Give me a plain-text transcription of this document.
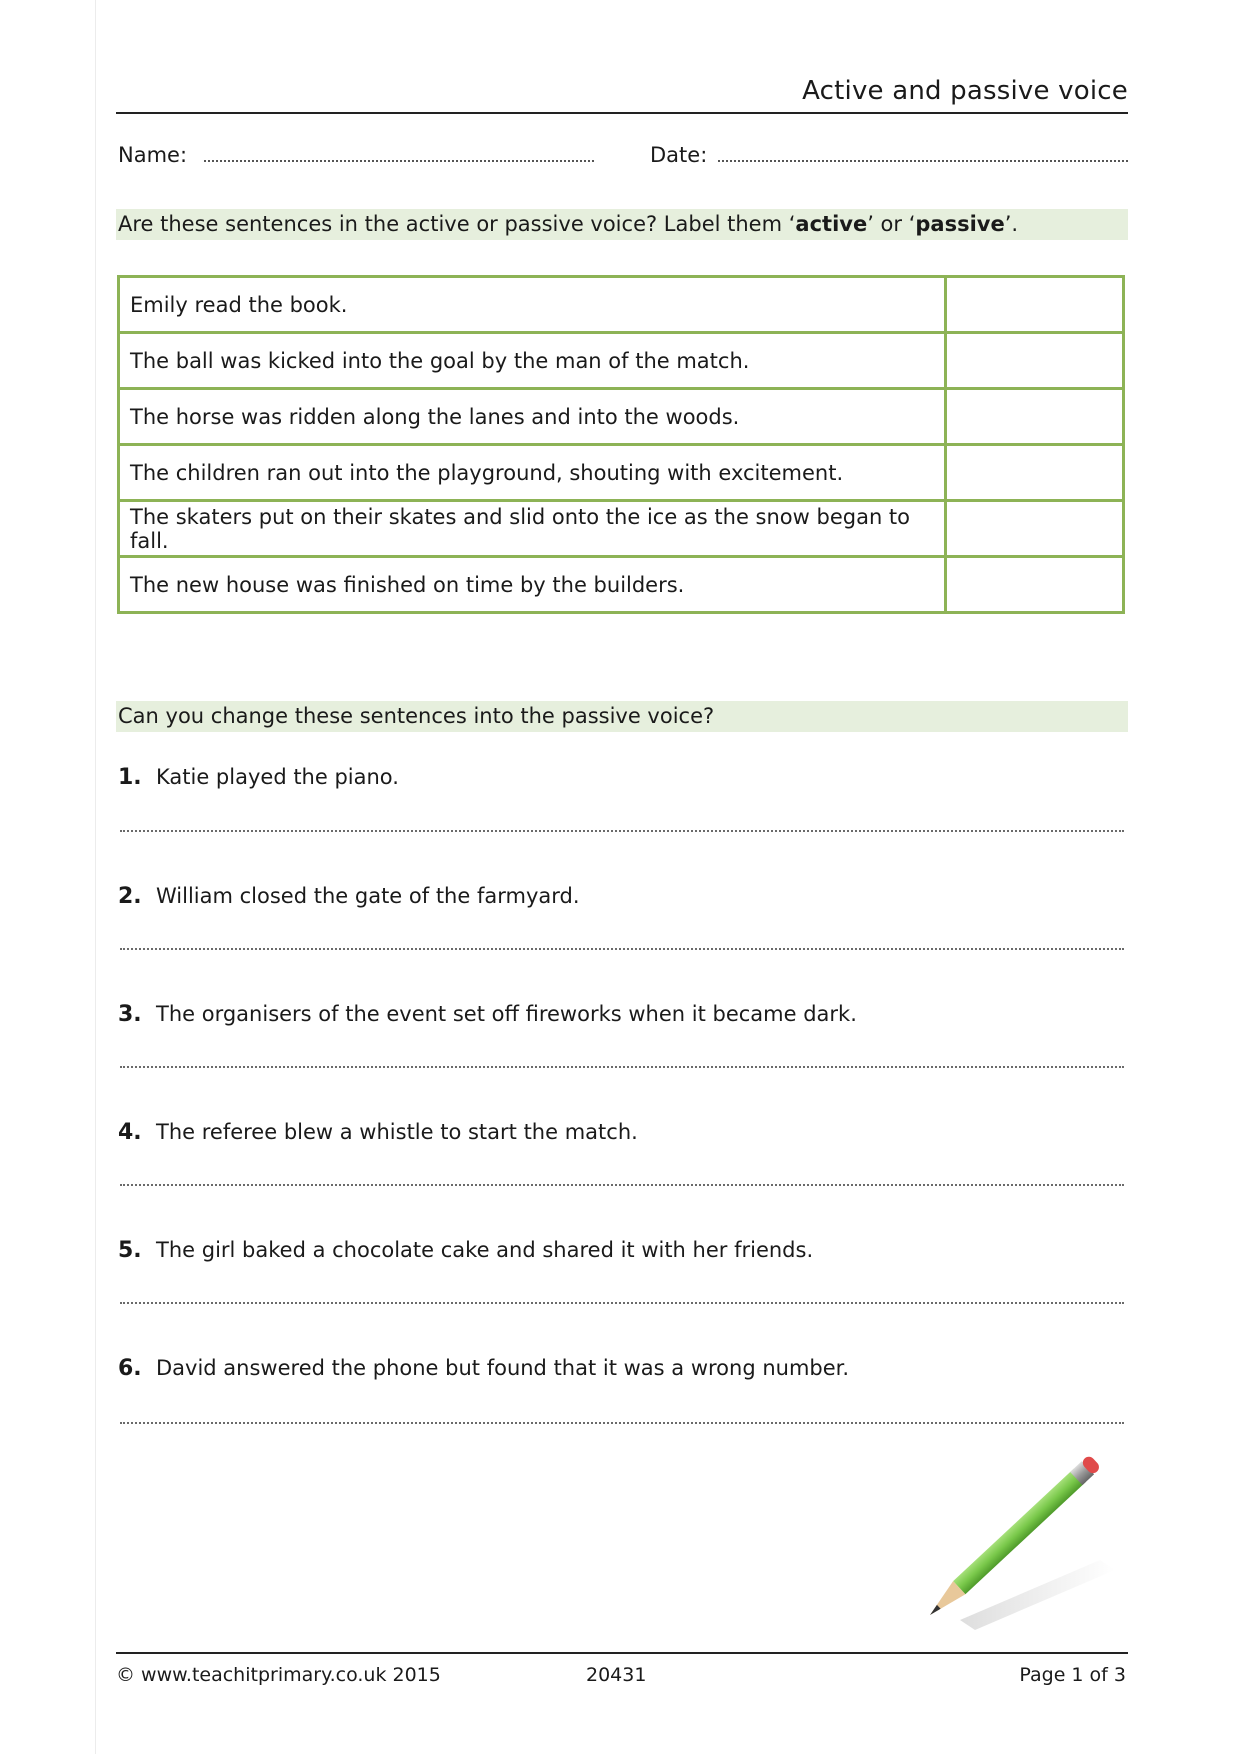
Active and passive voice
Name:	Date:
Are these sentences in the active or passive voice? Label them ‘active’ or ‘passive’.
Emily read the book.	
The ball was kicked into the goal by the man of the match.	
The horse was ridden along the lanes and into the woods.	
The children ran out into the playground, shouting with excitement.	
The skaters put on their skates and slid onto the ice as the snow began to fall.	
The new house was finished on time by the builders.	
Can you change these sentences into the passive voice?
1. Katie played the piano.
2. William closed the gate of the farmyard.
3. The organisers of the event set off fireworks when it became dark.
4. The referee blew a whistle to start the match.
5. The girl baked a chocolate cake and shared it with her friends.
6. David answered the phone but found that it was a wrong number.
© www.teachitprimary.co.uk 2015	20431	Page 1 of 3
